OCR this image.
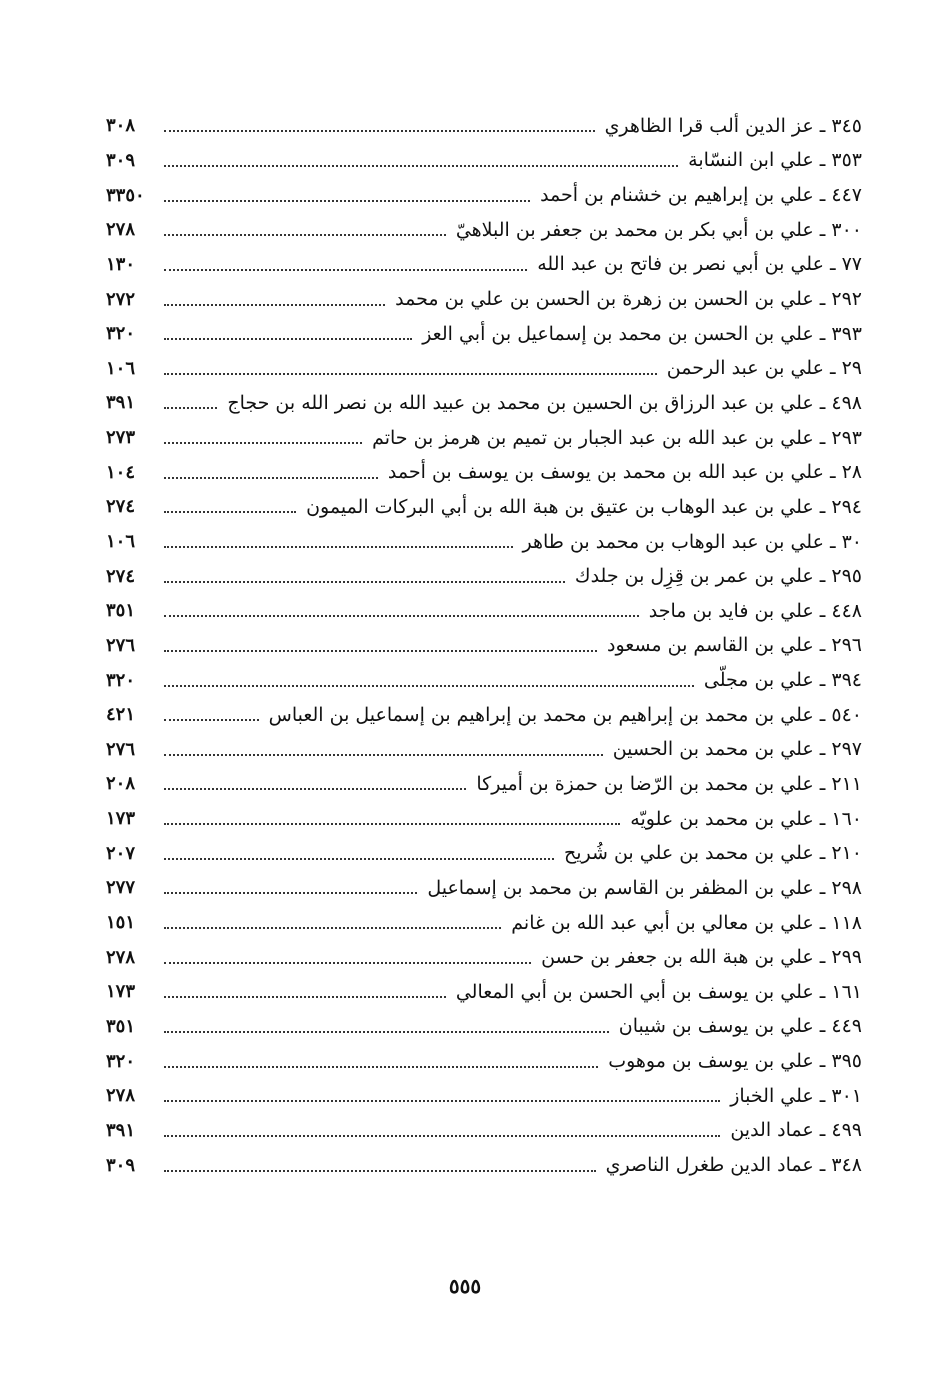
٣٤٥ ـ عز الدين ألب قرا الظاهري
٣٠٨
٣٥٣ ـ علي ابن النسّابة
٣٠٩
٤٤٧ ـ علي بن إبراهيم بن خشنام بن أحمد
٣٣٥٠
٣٠٠ ـ علي بن أبي بكر بن محمد بن جعفر بن البلاهيّ
٢٧٨
٧٧ ـ علي بن أبي نصر بن فاتح بن عبد الله
١٣٠
٢٩٢ ـ علي بن الحسن بن زهرة بن الحسن بن علي بن محمد
٢٧٢
٣٩٣ ـ علي بن الحسن بن محمد بن إسماعيل بن أبي العز
٣٢٠
٢٩ ـ علي بن عبد الرحمن
١٠٦
٤٩٨ ـ علي بن عبد الرزاق بن الحسين بن محمد بن عبيد الله بن نصر الله بن حجاج
٣٩١
٢٩٣ ـ علي بن عبد الله بن عبد الجبار بن تميم بن هرمز بن حاتم
٢٧٣
٢٨ ـ علي بن عبد الله بن محمد بن يوسف بن يوسف بن أحمد
١٠٤
٢٩٤ ـ علي بن عبد الوهاب بن عتيق بن هبة الله بن أبي البركات الميمون
٢٧٤
٣٠ ـ علي بن عبد الوهاب بن محمد بن طاهر
١٠٦
٢٩٥ ـ علي بن عمر بن قِزِل بن جلدك
٢٧٤
٤٤٨ ـ علي بن فايد بن ماجد
٣٥١
٢٩٦ ـ علي بن القاسم بن مسعود
٢٧٦
٣٩٤ ـ علي بن مجلّى
٣٢٠
٥٤٠ ـ علي بن محمد بن إبراهيم بن محمد بن إبراهيم بن إسماعيل بن العباس
٤٢١
٢٩٧ ـ علي بن محمد بن الحسين
٢٧٦
٢١١ ـ علي بن محمد بن الرّضا بن حمزة بن أميركا
٢٠٨
١٦٠ ـ علي بن محمد بن علويّه
١٧٣
٢١٠ ـ علي بن محمد بن علي بن شُريح
٢٠٧
٢٩٨ ـ علي بن المظفر بن القاسم بن محمد بن إسماعيل
٢٧٧
١١٨ ـ علي بن معالي بن أبي عبد الله بن غانم
١٥١
٢٩٩ ـ علي بن هبة الله بن جعفر بن حسن
٢٧٨
١٦١ ـ علي بن يوسف بن أبي الحسن بن أبي المعالي
١٧٣
٤٤٩ ـ علي بن يوسف بن شيبان
٣٥١
٣٩٥ ـ علي بن يوسف بن موهوب
٣٢٠
٣٠١ ـ علي الخباز
٢٧٨
٤٩٩ ـ عماد الدين
٣٩١
٣٤٨ ـ عماد الدين طغرل الناصري
٣٠٩
٥٥٥
